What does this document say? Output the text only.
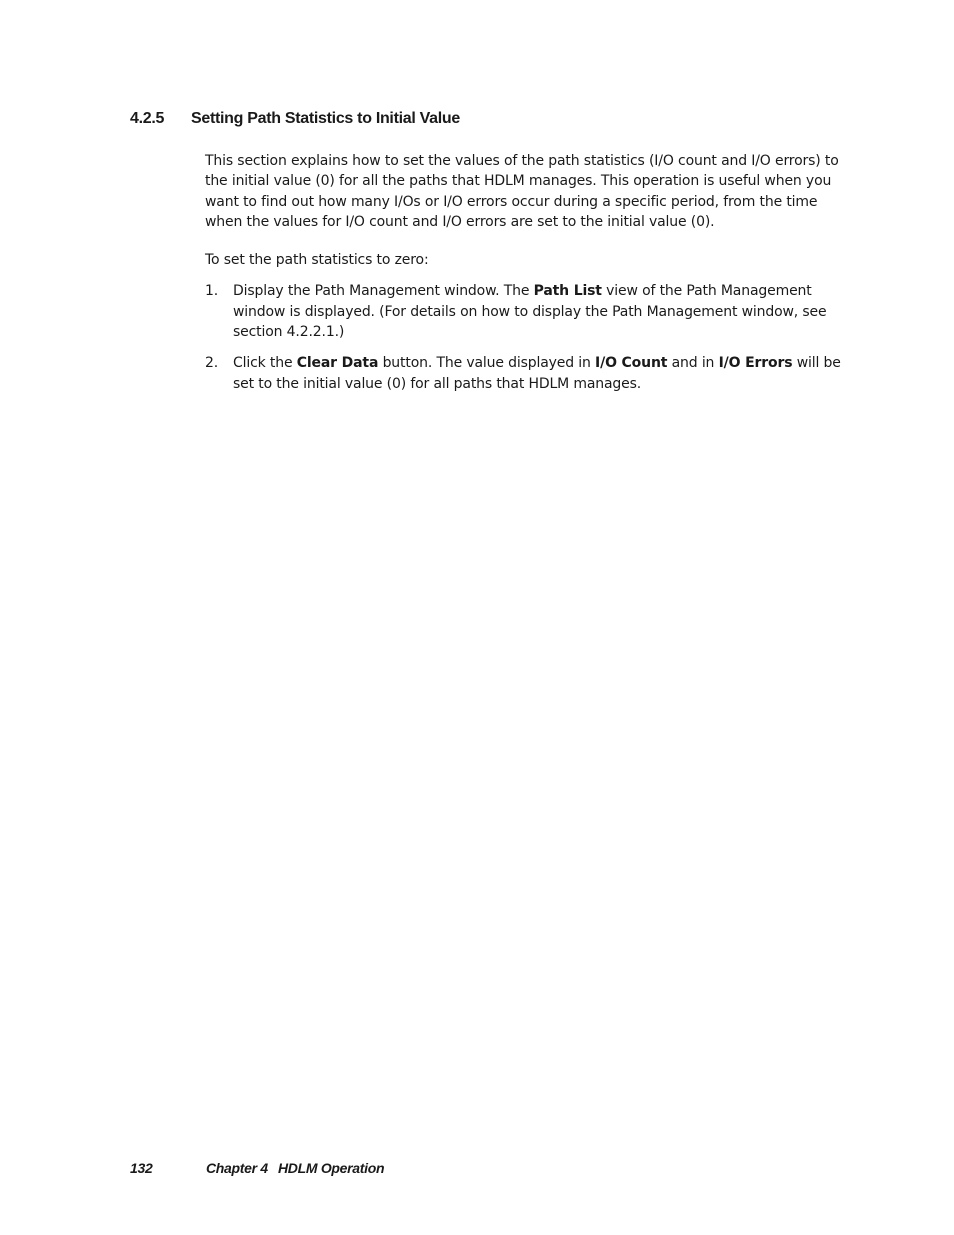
4.2.5 Setting Path Statistics to Initial Value

This section explains how to set the values of the path statistics (I/O count and I/O errors) to the initial value (0) for all the paths that HDLM manages. This operation is useful when you want to find out how many I/Os or I/O errors occur during a specific period, from the time when the values for I/O count and I/O errors are set to the initial value (0).

To set the path statistics to zero:

1. Display the Path Management window. The Path List view of the Path Management window is displayed. (For details on how to display the Path Management window, see section 4.2.2.1.)
2. Click the Clear Data button. The value displayed in I/O Count and in I/O Errors will be set to the initial value (0) for all paths that HDLM manages.
132	Chapter 4 HDLM Operation
